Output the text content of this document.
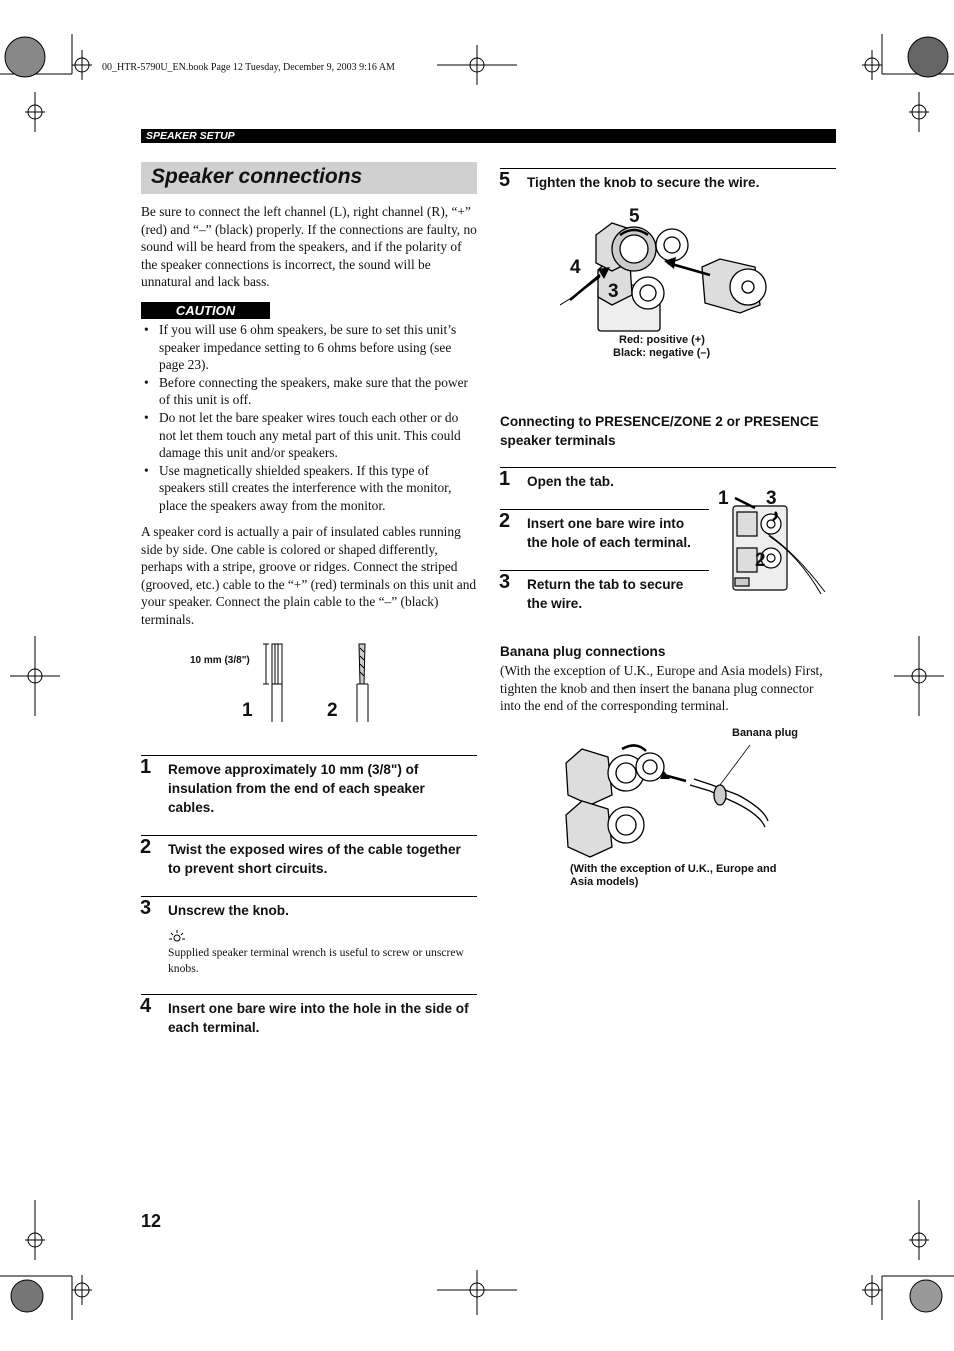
00_HTR-5790U_EN.book Page 12 Tuesday, December 9, 2003 9:16 AM
SPEAKER SETUP
Speaker connections
Be sure to connect the left channel (L), right channel (R), “+” (red) and “–” (black) properly. If the connections are faulty, no sound will be heard from the speakers, and if the polarity of the speaker connections is incorrect, the sound will be unnatural and lack bass.
CAUTION
• If you will use 6 ohm speakers, be sure to set this unit’s speaker impedance setting to 6 ohms before using (see page 23).
• Before connecting the speakers, make sure that the power of this unit is off.
• Do not let the bare speaker wires touch each other or do not let them touch any metal part of this unit. This could damage this unit and/or speakers.
• Use magnetically shielded speakers. If this type of speakers still creates the interference with the monitor, place the speakers away from the monitor.
A speaker cord is actually a pair of insulated cables running side by side. One cable is colored or shaped differently, perhaps with a stripe, groove or ridges. Connect the striped (grooved, etc.) cable to the “+” (red) terminals on this unit and your speaker. Connect the plain cable to the “–” (black) terminals.
10 mm (3/8")
1	2
1 Remove approximately 10 mm (3/8") of insulation from the end of each speaker cables.
2 Twist the exposed wires of the cable together to prevent short circuits.
3 Unscrew the knob.
Supplied speaker terminal wrench is useful to screw or unscrew knobs.
4 Insert one bare wire into the hole in the side of each terminal.
5 Tighten the knob to secure the wire.
5
4
3
Red: positive (+)
Black: negative (–)
Connecting to PRESENCE/ZONE 2 or PRESENCE speaker terminals
1 Open the tab.
2 Insert one bare wire into the hole of each terminal.
3 Return the tab to secure the wire.
1 3
2
Banana plug connections
(With the exception of U.K., Europe and Asia models) First, tighten the knob and then insert the banana plug connector into the end of the corresponding terminal.
Banana plug
(With the exception of U.K., Europe and Asia models)
12
